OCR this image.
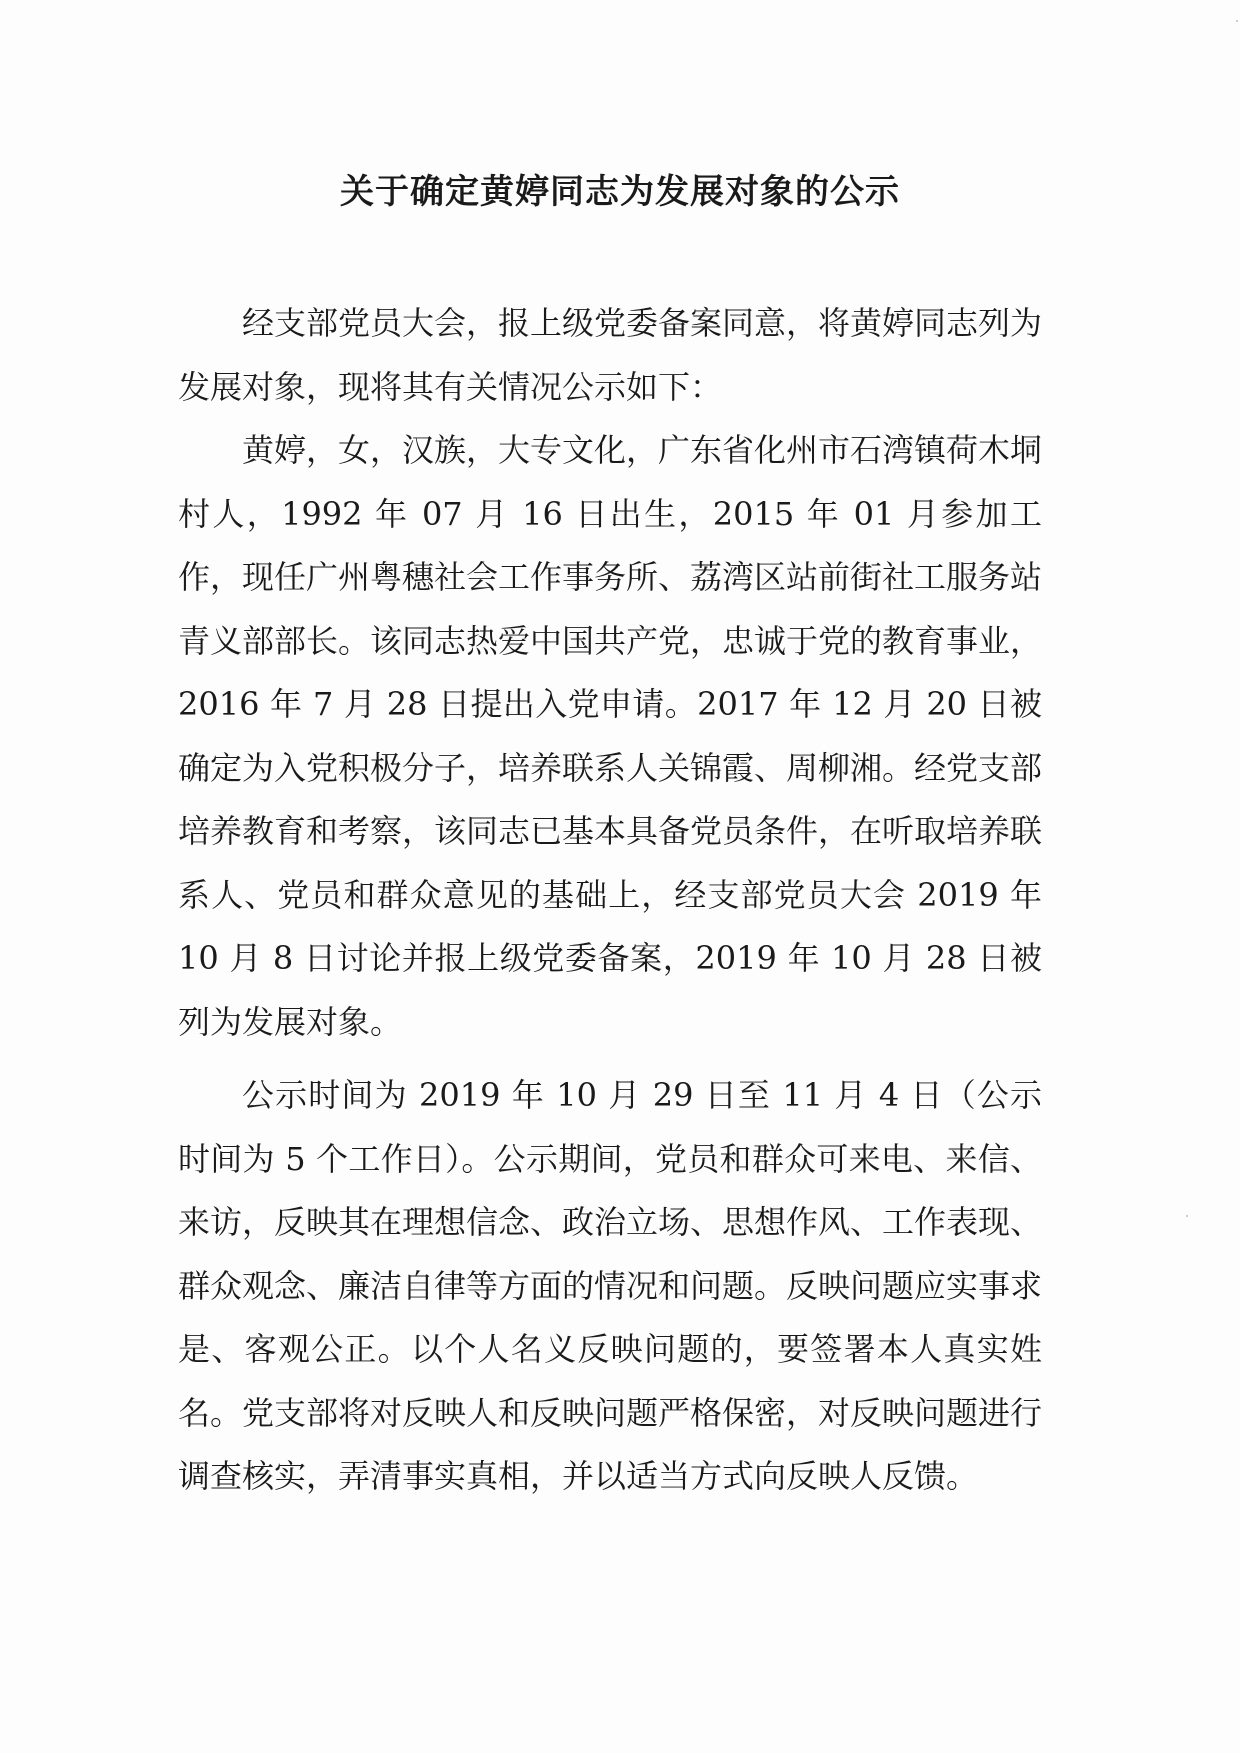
关于确定黄婷同志为发展对象的公示

经支部党员大会，报上级党委备案同意，将黄婷同志列为发展对象，现将其有关情况公示如下：

黄婷，女，汉族，大专文化，广东省化州市石湾镇荷木垌村人，1992 年 07 月 16 日出生，2015 年 01 月参加工作，现任广州粤穗社会工作事务所、荔湾区站前街社工服务站青义部部长。该同志热爱中国共产党，忠诚于党的教育事业，2016 年 7 月 28 日提出入党申请。2017 年 12 月 20 日被确定为入党积极分子，培养联系人关锦霞、周柳湘。经党支部培养教育和考察，该同志已基本具备党员条件，在听取培养联系人、党员和群众意见的基础上，经支部党员大会 2019 年 10 月 8 日讨论并报上级党委备案，2019 年 10 月 28 日被列为发展对象。

公示时间为 2019 年 10 月 29 日至 11 月 4 日（公示时间为 5 个工作日）。公示期间，党员和群众可来电、来信、来访，反映其在理想信念、政治立场、思想作风、工作表现、群众观念、廉洁自律等方面的情况和问题。反映问题应实事求是、客观公正。以个人名义反映问题的，要签署本人真实姓名。党支部将对反映人和反映问题严格保密，对反映问题进行调查核实，弄清事实真相，并以适当方式向反映人反馈。
